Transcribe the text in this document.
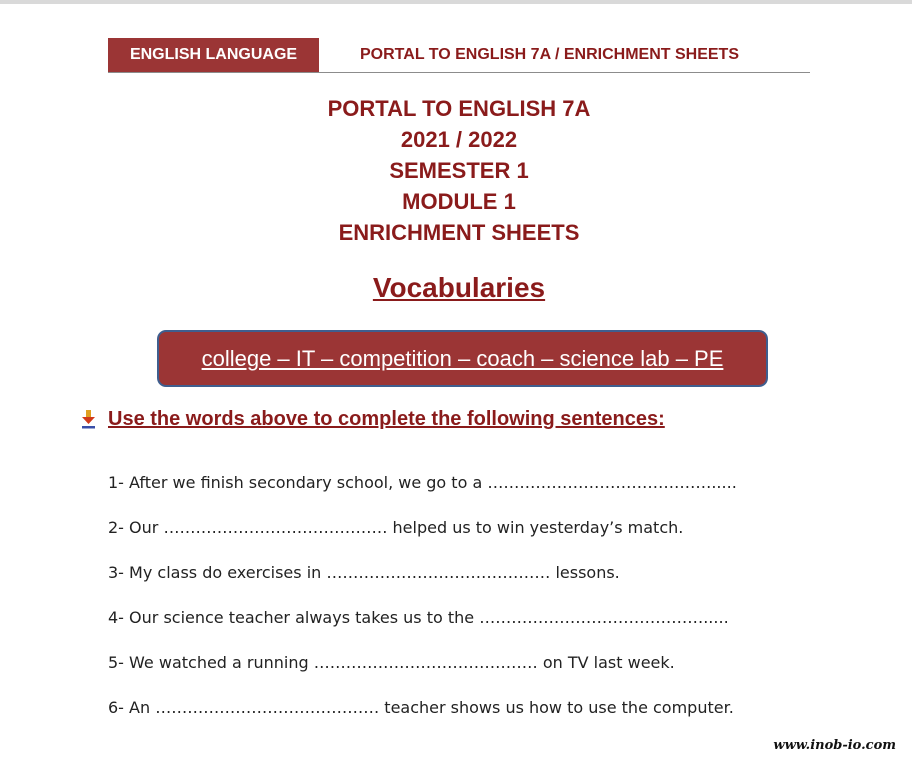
ENGLISH LANGUAGE	PORTAL TO ENGLISH 7A / ENRICHMENT SHEETS
PORTAL TO ENGLISH 7A
2021 / 2022
SEMESTER 1
MODULE 1
ENRICHMENT SHEETS
Vocabularies
college – IT – competition – coach – science lab – PE
Use the words above to complete the following sentences:
1- After we finish secondary school, we go to a …………………………………….....
2- Our …………………………………… helped us to win yesterday’s match.
3- My class do exercises in …………………………………… lessons.
4- Our science teacher always takes us to the …………………………………….....
5- We watched a running …………………………………… on TV last week.
6- An …………………………………… teacher shows us how to use the computer.
www.inob-io.com
